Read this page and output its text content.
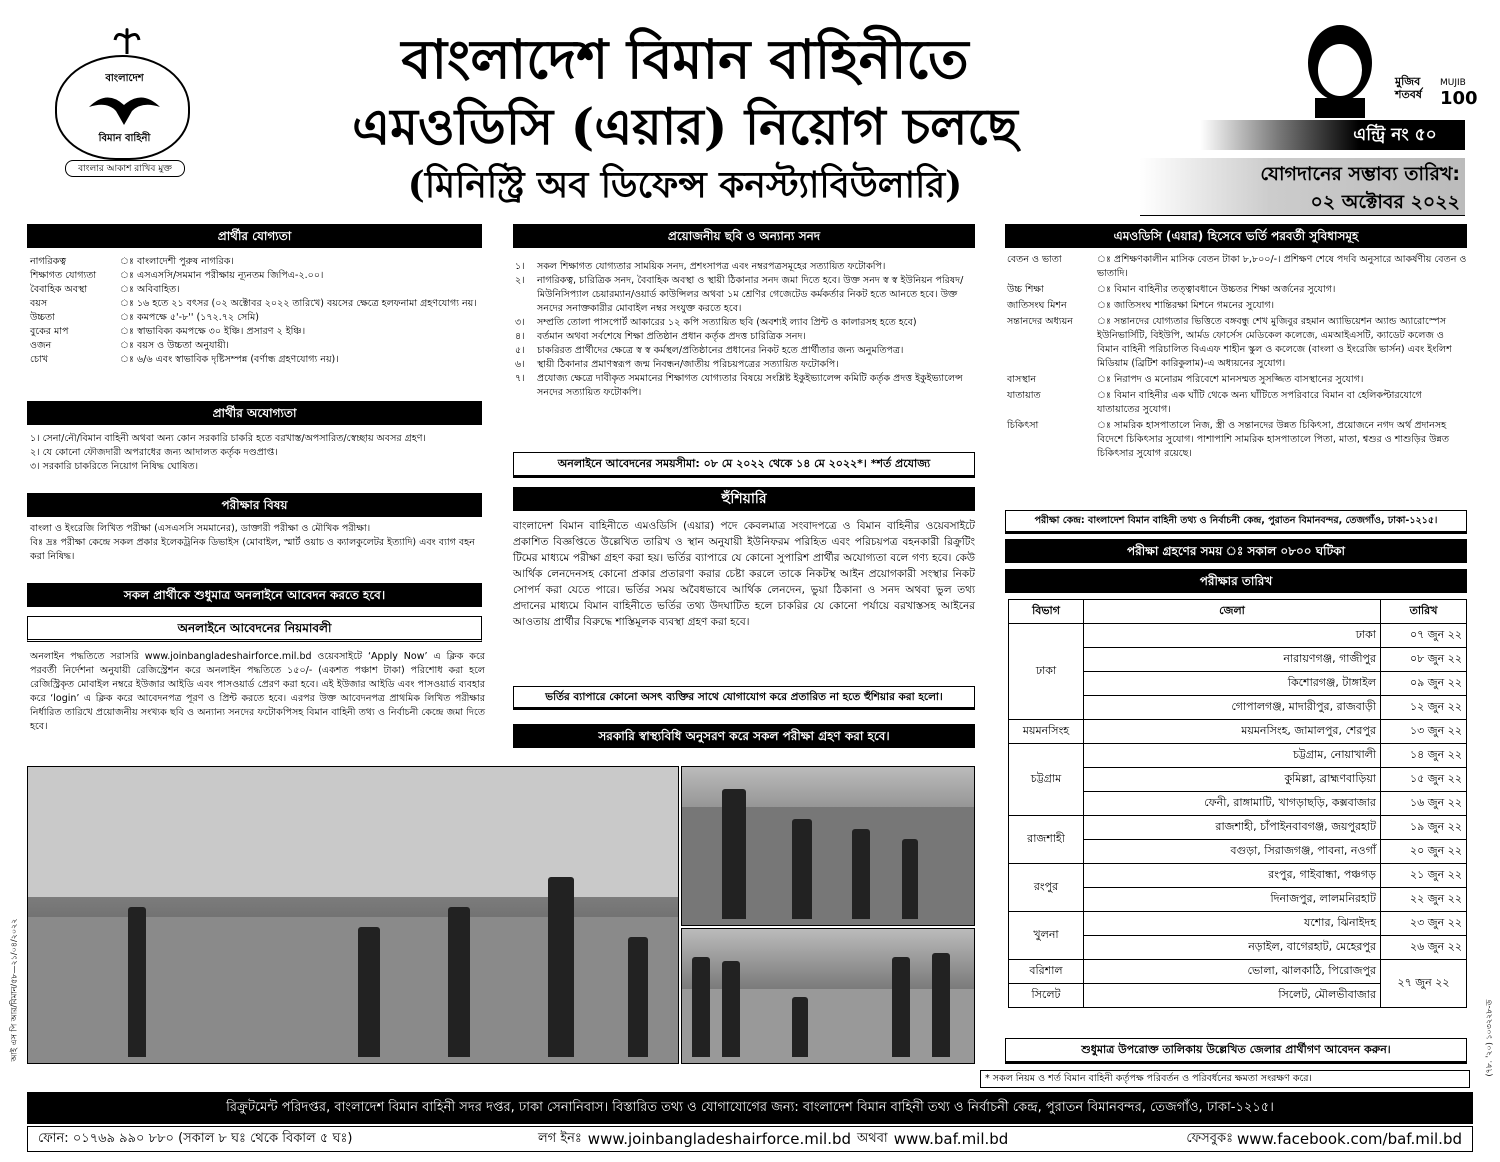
বাংলাদেশ
বিমান বাহিনী
বাংলার আকাশ রাখিব মুক্ত
বাংলাদেশ বিমান বাহিনীতে
এমওডিসি (এয়ার) নিয়োগ চলছে
(মিনিস্ট্রি অব ডিফেন্স কনস্ট্যাবিউলারি)
মুজিব শতবর্ষ
MUJIB
100
এন্ট্রি নং ৫০
যোগদানের সম্ভাব্য তারিখ:
০২ অক্টোবর ২০২২
প্রার্থীর যোগ্যতা
নাগরিকত্ব	ঃ বাংলাদেশী পুরুষ নাগরিক।
শিক্ষাগত যোগ্যতা	ঃ এসএসসি/সমমান পরীক্ষায় ন্যূনতম জিপিএ-২.০০।
বৈবাহিক অবস্থা	ঃ অবিবাহিত।
বয়স	ঃ ১৬ হতে ২১ বৎসর (০২ অক্টোবর ২০২২ তারিখে) বয়সের ক্ষেত্রে হলফনামা গ্রহণযোগ্য নয়।
উচ্চতা	ঃ কমপক্ষে ৫'-৮'' (১৭২.৭২ সেমি)
বুকের মাপ	ঃ স্বাভাবিক্য কমপক্ষে ৩০ ইঞ্চি। প্রসারণ ২ ইঞ্চি।
ওজন	ঃ বয়স ও উচ্চতা অনুযায়ী।
চোখ	ঃ ৬/৬ এবং স্বাভাবিক দৃষ্টিসম্পন্ন (বর্ণান্ধ গ্রহণযোগ্য নয়)।
প্রার্থীর অযোগ্যতা
১। সেনা/নৌ/বিমান বাহিনী অথবা অন্য কোন সরকারি চাকরি হতে বরখাস্ত/অপসারিত/স্বেচ্ছায় অবসর গ্রহণ।
২। যে কোনো ফৌজদারী অপরাধের জন্য আদালত কর্তৃক দণ্ডপ্রাপ্ত।
৩। সরকারি চাকরিতে নিয়োগ নিষিদ্ধ ঘোষিত।
পরীক্ষার বিষয়
বাংলা ও ইংরেজি লিখিত পরীক্ষা (এসএসসি সমমানের), ডাক্তারী পরীক্ষা ও মৌখিক পরীক্ষা।
বিঃ দ্রঃ পরীক্ষা কেন্দ্রে সকল প্রকার ইলেকট্রনিক ডিভাইস (মোবাইল, স্মার্ট ওয়াচ ও ক্যালকুলেটর ইত্যাদি) এবং ব্যাগ বহন করা নিষিদ্ধ।
সকল প্রার্থীকে শুধুমাত্র অনলাইনে আবেদন করতে হবে।
অনলাইনে আবেদনের নিয়মাবলী
অনলাইন পদ্ধতিতে সরাসরি www.joinbangladeshairforce.mil.bd ওয়েবসাইটে ‘Apply Now’ এ ক্লিক করে পরবর্তী নির্দেশনা অনুযায়ী রেজিস্ট্রেশন করে অনলাইন পদ্ধতিতে ১৫০/- (একশত পঞ্চাশ টাকা) পরিশোধ করা হলে রেজিস্ট্রিকৃত মোবাইল নম্বরে ইউজার আইডি এবং পাসওয়ার্ড প্রেরণ করা হবে। এই ইউজার আইডি এবং পাসওয়ার্ড ব্যবহার করে ‘login’ এ ক্লিক করে আবেদনপত্র পূরণ ও প্রিন্ট করতে হবে। এরপর উক্ত আবেদনপত্র প্রাথমিক লিখিত পরীক্ষার নির্ধারিত তারিখে প্রয়োজনীয় সংখ্যক ছবি ও অন্যান্য সনদের ফটোকপিসহ বিমান বাহিনী তথ্য ও নির্বাচনী কেন্দ্রে জমা দিতে হবে।
প্রয়োজনীয় ছবি ও অন্যান্য সনদ
১।	সকল শিক্ষাগত যোগ্যতার সাময়িক সনদ, প্রশংসাপত্র এবং নম্বরপত্রসমূহের সত্যায়িত ফটোকপি।
২।	নাগরিকত্ব, চারিত্রিক সনদ, বৈবাহিক অবস্থা ও স্থায়ী ঠিকানার সনদ জমা দিতে হবে। উক্ত সনদ স্ব স্ব ইউনিয়ন পরিষদ/মিউনিসিপ্যাল চেয়ারম্যান/ওয়ার্ড কাউন্সিলর অথবা ১ম শ্রেণির গেজেটেড কর্মকর্তার নিকট হতে আনতে হবে। উক্ত সনদের সনাক্তকারীর মোবাইল নম্বর সংযুক্ত করতে হবে।
৩।	সম্প্রতি তোলা পাসপোর্ট আকারের ১২ কপি সত্যায়িত ছবি (অবশ্যই ল্যাব প্রিন্ট ও কালারসহ হতে হবে)
৪।	বর্তমান অথবা সর্বশেষে শিক্ষা প্রতিষ্ঠান প্রধান কর্তৃক প্রদত্ত চারিত্রিক সনদ।
৫।	চাকরিরত প্রার্থীদের ক্ষেত্রে স্ব স্ব কর্মস্থল/প্রতিষ্ঠানের প্রধানের নিকট হতে প্রার্থীতার জন্য অনুমতিপত্র।
৬।	স্থায়ী ঠিকানার প্রমাণস্বরূপ জন্ম নিবন্ধন/জাতীয় পরিচয়পত্রের সত্যায়িত ফটোকপি।
৭।	প্রযোজ্য ক্ষেত্রে দাবীকৃত সমমানের শিক্ষাগত যোগ্যতার বিষয়ে সংশ্লিষ্ট ইকুইভ্যালেন্স কমিটি কর্তৃক প্রদত্ত ইকুইভ্যালেন্স সনদের সত্যায়িত ফটোকপি।
অনলাইনে আবেদনের সময়সীমা: ০৮ মে ২০২২ থেকে ১৪ মে ২০২২*। *শর্ত প্রযোজ্য
হুঁশিয়ারি
বাংলাদেশ বিমান বাহিনীতে এমওডিসি (এয়ার) পদে কেবলমাত্র সংবাদপত্রে ও বিমান বাহিনীর ওয়েবসাইটে প্রকাশিত বিজ্ঞপ্তিতে উল্লেখিত তারিখ ও স্থান অনুযায়ী ইউনিফরম পরিহিত এবং পরিচয়পত্র বহনকারী রিক্রুটিং টিমের মাধ্যমে পরীক্ষা গ্রহণ করা হয়। ভর্তির ব্যাপারে যে কোনো সুপারিশ প্রার্থীর অযোগ্যতা বলে গণ্য হবে। কেউ আর্থিক লেনদেনসহ কোনো প্রকার প্রতারণা করার চেষ্টা করলে তাকে নিকটস্থ আইন প্রয়োগকারী সংস্থার নিকট সোপর্দ করা যেতে পারে। ভর্তির সময় অবৈধভাবে আর্থিক লেনদেন, ভুয়া ঠিকানা ও সনদ অথবা ভুল তথ্য প্রদানের মাধ্যমে বিমান বাহিনীতে ভর্তির তথ্য উদঘাটিত হলে চাকরির যে কোনো পর্যায়ে বরখাস্তসহ আইনের আওতায় প্রার্থীর বিরুদ্ধে শাস্তিমূলক ব্যবস্থা গ্রহণ করা হবে।
ভর্তির ব্যাপারে কোনো অসৎ ব্যক্তির সাথে যোগাযোগ করে প্রতারিত না হতে হুঁশিয়ার করা হলো।
সরকারি স্বাস্থ্যবিধি অনুসরণ করে সকল পরীক্ষা গ্রহণ করা হবে।
আই এস পি আর/বিমান/৫৮—২১/০৪/২০২২	(৭৮. '২০) ১০৩২২৮-ড
এমওডিসি (এয়ার) হিসেবে ভর্তি পরবর্তী সুবিধাসমূহ
বেতন ও ভাতা	ঃ প্রশিক্ষণকালীন মাসিক বেতন টাকা ৮,৮০০/-। প্রশিক্ষণ শেষে পদবি অনুসারে আকর্ষণীয় বেতন ও ভাতাদি।
উচ্চ শিক্ষা	ঃ বিমান বাহিনীর তত্ত্বাবধানে উচ্চতর শিক্ষা অর্জনের সুযোগ।
জাতিসংঘ মিশন	ঃ জাতিসংঘ শান্তিরক্ষা মিশনে গমনের সুযোগ।
সন্তানদের অধ্যয়ন	ঃ সন্তানদের যোগ্যতার ভিত্তিতে বঙ্গবন্ধু শেখ মুজিবুর রহমান অ্যাভিয়েশন অ্যান্ড অ্যারোস্পেস ইউনিভার্সিটি, বিইউপি, আর্মড ফোর্সেস মেডিকেল কলেজে, এমআইএসটি, ক্যাডেট কলেজ ও বিমান বাহিনী পরিচালিত বিএএফ শাহীন স্কুল ও কলেজে (বাংলা ও ইংরেজি ভার্সন) এবং ইংলিশ মিডিয়াম (ব্রিটিশ কারিকুলাম)-এ অধ্যয়নের সুযোগ।
বাসস্থান	ঃ নিরাপদ ও মনোরম পরিবেশে মানসম্মত সুসজ্জিত বাসস্থানের সুযোগ।
যাতায়াত	ঃ বিমান বাহিনীর এক ঘাঁটি থেকে অন্য ঘাঁটিতে সপরিবারে বিমান বা হেলিকপ্টারযোগে যাতায়াতের সুযোগ।
চিকিৎসা	ঃ সামরিক হাসপাতালে নিজ, স্ত্রী ও সন্তানদের উন্নত চিকিৎসা, প্রয়োজনে নগদ অর্থ প্রদানসহ বিদেশে চিকিৎসার সুযোগ। পাশাপাশি সামরিক হাসপাতালে পিতা, মাতা, শ্বশুর ও শাশুড়ির উন্নত চিকিৎসার সুযোগ রয়েছে।
পরীক্ষা কেন্দ্র: বাংলাদেশ বিমান বাহিনী তথ্য ও নির্বাচনী কেন্দ্র, পুরাতন বিমানবন্দর, তেজগাঁও, ঢাকা-১২১৫।
পরীক্ষা গ্রহণের সময় ঃ সকাল ০৮০০ ঘটিকা
পরীক্ষার তারিখ
বিভাগ	জেলা	তারিখ
ঢাকা	ঢাকা	০৭ জুন ২২
	নারায়ণগঞ্জ, গাজীপুর	০৮ জুন ২২
	কিশোরগঞ্জ, টাঙ্গাইল	০৯ জুন ২২
	গোপালগঞ্জ, মাদারীপুর, রাজবাড়ী	১২ জুন ২২
ময়মনসিংহ	ময়মনসিংহ, জামালপুর, শেরপুর	১৩ জুন ২২
চট্টগ্রাম	চট্টগ্রাম, নোয়াখালী	১৪ জুন ২২
	কুমিল্লা, ব্রাহ্মণবাড়িয়া	১৫ জুন ২২
	ফেনী, রাঙ্গামাটি, খাগড়াছড়ি, কক্সবাজার	১৬ জুন ২২
রাজশাহী	রাজশাহী, চাঁপাইনবাবগঞ্জ, জয়পুরহাট	১৯ জুন ২২
	বগুড়া, সিরাজগঞ্জ, পাবনা, নওগাঁ	২০ জুন ২২
রংপুর	রংপুর, গাইবান্ধা, পঞ্চগড়	২১ জুন ২২
	দিনাজপুর, লালমনিরহাট	২২ জুন ২২
খুলনা	যশোর, ঝিনাইদহ	২৩ জুন ২২
	নড়াইল, বাগেরহাট, মেহেরপুর	২৬ জুন ২২
বরিশাল	ভোলা, ঝালকাঠি, পিরোজপুর	২৭ জুন ২২
সিলেট	সিলেট, মৌলভীবাজার	
শুধুমাত্র উপরোক্ত তালিকায় উল্লেখিত জেলার প্রার্থীগণ আবেদন করুন।
* সকল নিয়ম ও শর্ত বিমান বাহিনী কর্তৃপক্ষ পরিবর্তন ও পরিবর্ধনের ক্ষমতা সংরক্ষণ করে।
রিক্রুটমেন্ট পরিদপ্তর, বাংলাদেশ বিমান বাহিনী সদর দপ্তর, ঢাকা সেনানিবাস। বিস্তারিত তথ্য ও যোগাযোগের জন্য: বাংলাদেশ বিমান বাহিনী তথ্য ও নির্বাচনী কেন্দ্র, পুরাতন বিমানবন্দর, তেজগাঁও, ঢাকা-১২১৫।
ফোন: ০১৭৬৯ ৯৯০ ৮৮০ (সকাল ৮ ঘঃ থেকে বিকাল ৫ ঘঃ)	লগ ইনঃ www.joinbangladeshairforce.mil.bd অথবা www.baf.mil.bd	ফেসবুকঃ www.facebook.com/baf.mil.bd
